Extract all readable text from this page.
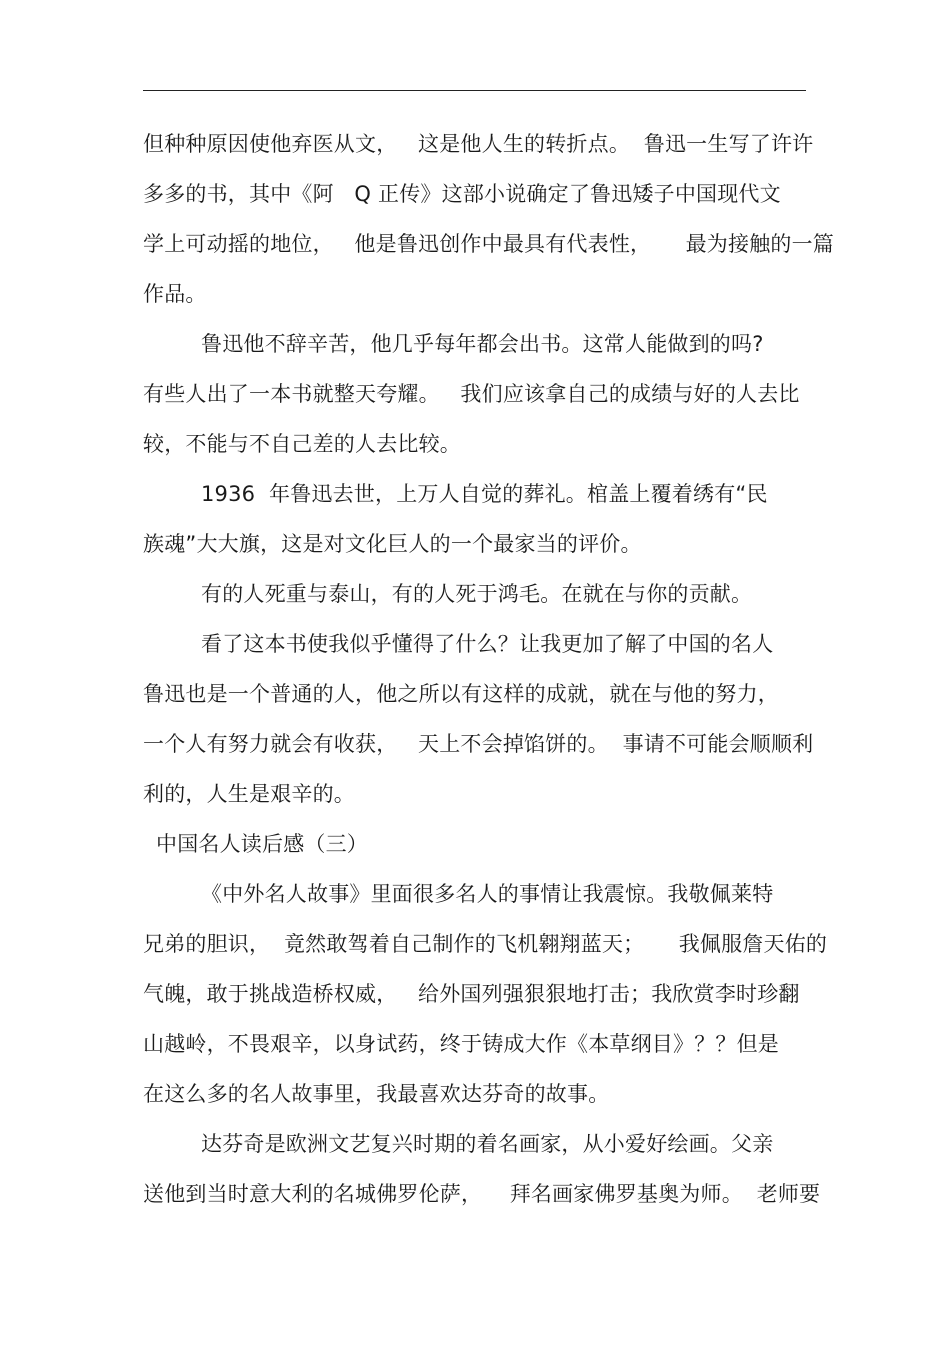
但种种原因使他弃医从文，   这是他人生的转折点。  鲁迅一生写了许许
多多的书，其中《阿   Q 正传》这部小说确定了鲁迅矮子中国现代文
学上可动摇的地位，   他是鲁迅创作中最具有代表性，     最为接触的一篇
作品。
鲁迅他不辞辛苦，他几乎每年都会出书。这常人能做到的吗?
有些人出了一本书就整天夸耀。   我们应该拿自己的成绩与好的人去比
较，不能与不自己差的人去比较。
1936  年鲁迅去世，上万人自觉的葬礼。棺盖上覆着绣有“民
族魂”大大旗，这是对文化巨人的一个最家当的评价。
有的人死重与泰山，有的人死于鸿毛。在就在与你的贡献。
看了这本书使我似乎懂得了什么？让我更加了解了中国的名人
鲁迅也是一个普通的人，他之所以有这样的成就，就在与他的努力，
一个人有努力就会有收获，   天上不会掉馅饼的。  事请不可能会顺顺利
利的，人生是艰辛的。
中国名人读后感（三）
《中外名人故事》里面很多名人的事情让我震惊。我敬佩莱特
兄弟的胆识，  竟然敢驾着自己制作的飞机翱翔蓝天；     我佩服詹天佑的
气魄，敢于挑战造桥权威，   给外国列强狠狠地打击；我欣赏李时珍翻
山越岭，不畏艰辛，以身试药，终于铸成大作《本草纲目》？？但是
在这么多的名人故事里，我最喜欢达芬奇的故事。
达芬奇是欧洲文艺复兴时期的着名画家，从小爱好绘画。父亲
送他到当时意大利的名城佛罗伦萨，    拜名画家佛罗基奥为师。  老师要
